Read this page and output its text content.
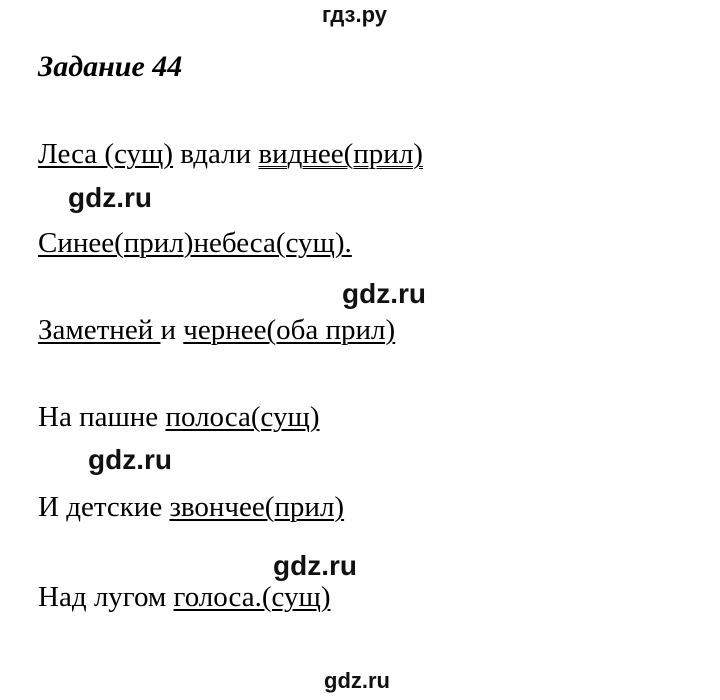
гдз.ру
Задание 44
Леса (сущ) вдали виднее(прил)
gdz.ru
Синее(прил)небеса(сущ).
gdz.ru
Заметней и чернее(оба прил)
На пашне полоса(сущ)
gdz.ru
И детские звончее(прил)
gdz.ru
Над лугом голоса.(сущ)
gdz.ru
